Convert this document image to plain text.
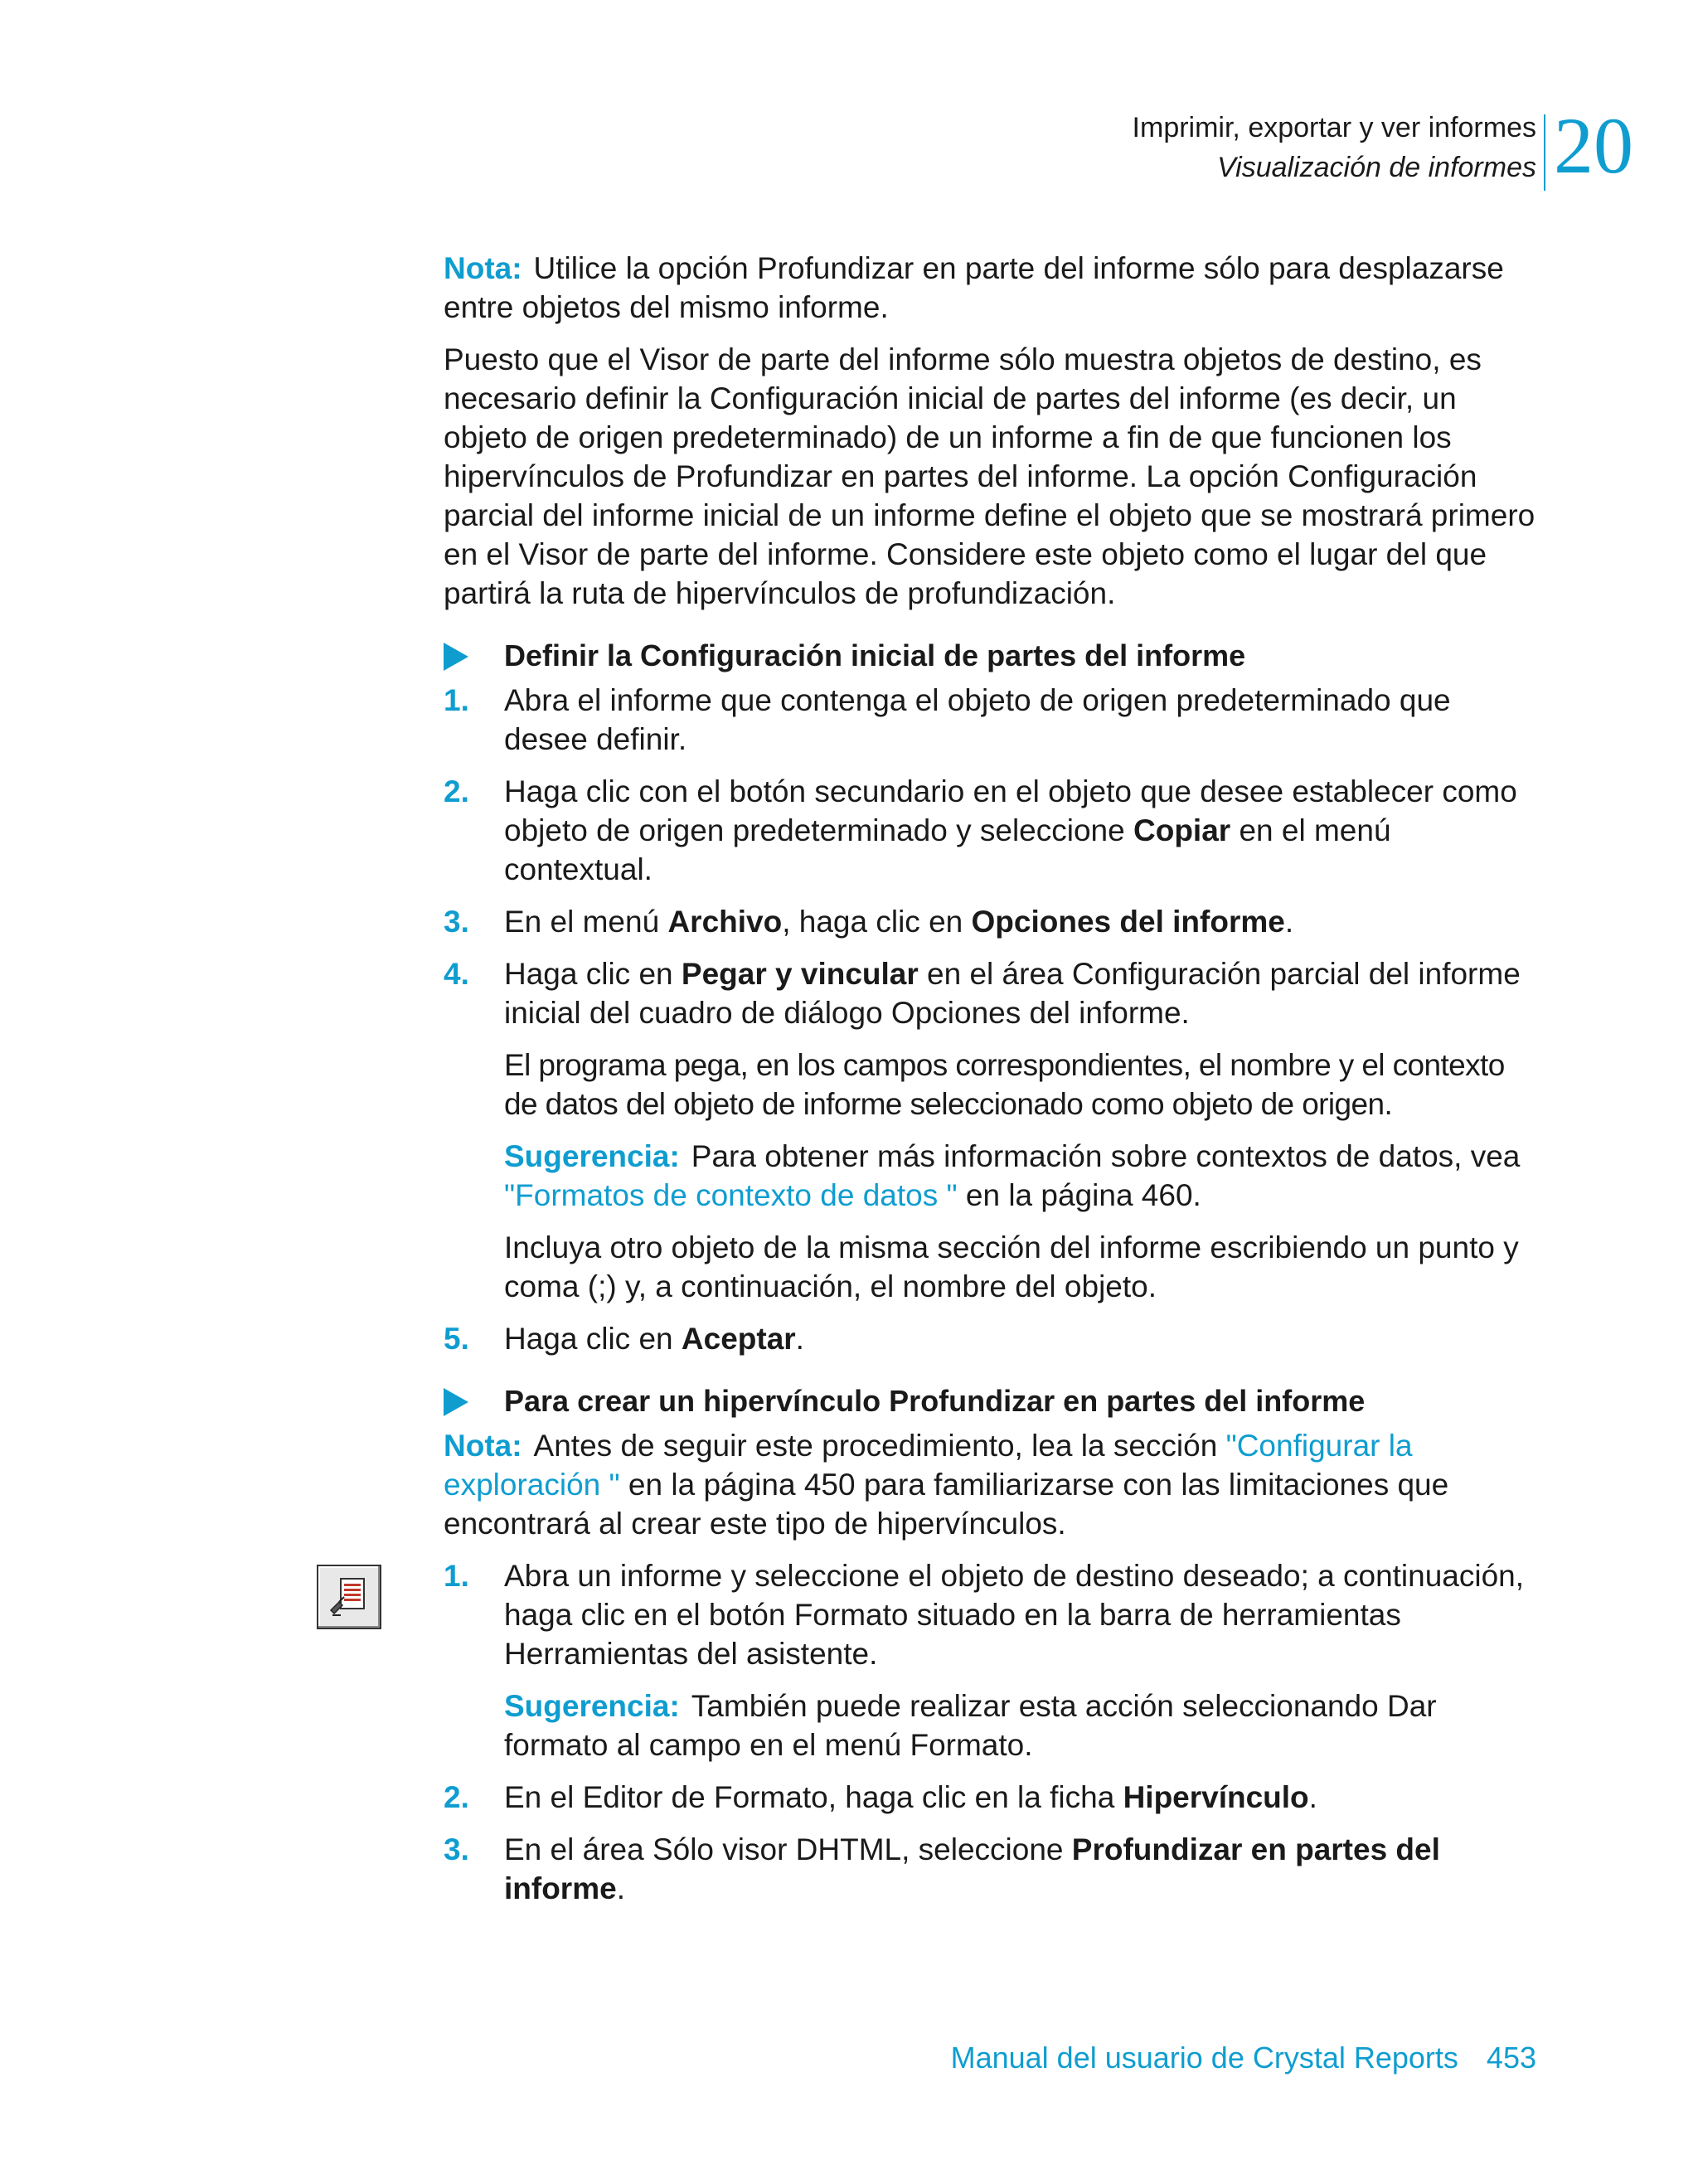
Imprimir, exportar y ver informes
Visualización de informes 20

Nota: Utilice la opción Profundizar en parte del informe sólo para desplazarse entre objetos del mismo informe.

Puesto que el Visor de parte del informe sólo muestra objetos de destino, es necesario definir la Configuración inicial de partes del informe (es decir, un objeto de origen predeterminado) de un informe a fin de que funcionen los hipervínculos de Profundizar en partes del informe. La opción Configuración parcial del informe inicial de un informe define el objeto que se mostrará primero en el Visor de parte del informe. Considere este objeto como el lugar del que partirá la ruta de hipervínculos de profundización.

Definir la Configuración inicial de partes del informe
1. Abra el informe que contenga el objeto de origen predeterminado que desee definir.
2. Haga clic con el botón secundario en el objeto que desee establecer como objeto de origen predeterminado y seleccione Copiar en el menú contextual.
3. En el menú Archivo, haga clic en Opciones del informe.
4. Haga clic en Pegar y vincular en el área Configuración parcial del informe inicial del cuadro de diálogo Opciones del informe.

El programa pega, en los campos correspondientes, el nombre y el contexto de datos del objeto de informe seleccionado como objeto de origen.

Sugerencia: Para obtener más información sobre contextos de datos, vea "Formatos de contexto de datos " en la página 460.

Incluya otro objeto de la misma sección del informe escribiendo un punto y coma (;) y, a continuación, el nombre del objeto.

5. Haga clic en Aceptar.
Para crear un hipervínculo Profundizar en partes del informe

Nota: Antes de seguir este procedimiento, lea la sección "Configurar la exploración " en la página 450 para familiarizarse con las limitaciones que encontrará al crear este tipo de hipervínculos.

1. Abra un informe y seleccione el objeto de destino deseado; a continuación, haga clic en el botón Formato situado en la barra de herramientas Herramientas del asistente.

Sugerencia: También puede realizar esta acción seleccionando Dar formato al campo en el menú Formato.

2. En el Editor de Formato, haga clic en la ficha Hipervínculo.
3. En el área Sólo visor DHTML, seleccione Profundizar en partes del informe.
Manual del usuario de Crystal Reports 453
